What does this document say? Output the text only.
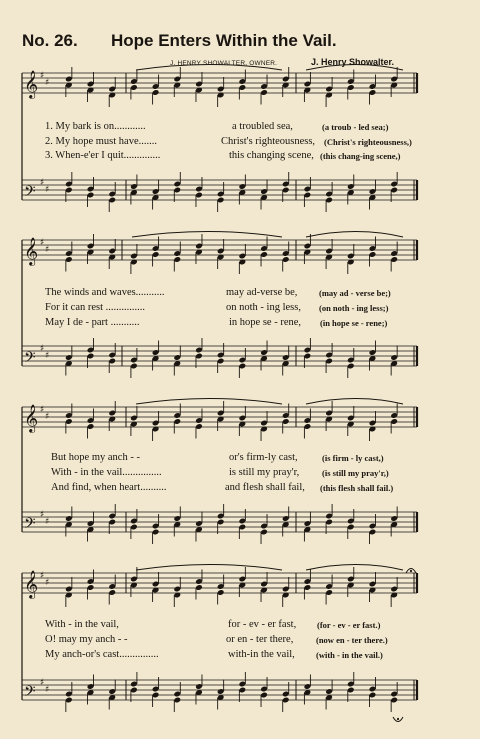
No. 26. Hope Enters Within the Vail.
J. HENRY SHOWALTER, OWNER.	J. Henry Showalter.
𝄞 ♯
♯
𝄢 ♯
♯
𝄞 ♯
♯
𝄢 ♯
♯
𝄞 ♯
♯
𝄢 ♯
♯
𝄞 ♯
♯
𝄢 ♯
♯
1. My bark is on............	a troubled sea,	(a troub - led sea;)
2. My hope must have.......	Christ's righteousness, (Christ's righteousness,)
3. When-e'er I quit..............	this changing scene, (this chang-ing scene,)
The winds and waves...........	may ad-verse be,	(may ad - verse be;)
For it can rest ...............	on noth - ing less, (on noth - ing less;)
May I de - part ...........	in hope se - rene, (in hope se - rene;)
But hope my anch - -	or's firm-ly cast,	(is firm - ly cast,)
With - in the vail...............	is still my pray'r,	(is still my pray'r,)
And find, when heart..........	and flesh shall fail, (this flesh shall fail.)
With - in the vail,	for - ev - er fast, (for - ev - er fast.)
O! may my anch - -	or en - ter there,	(now en - ter there.)
My anch-or's cast...............	with-in the vail, (with - in the vail.)
